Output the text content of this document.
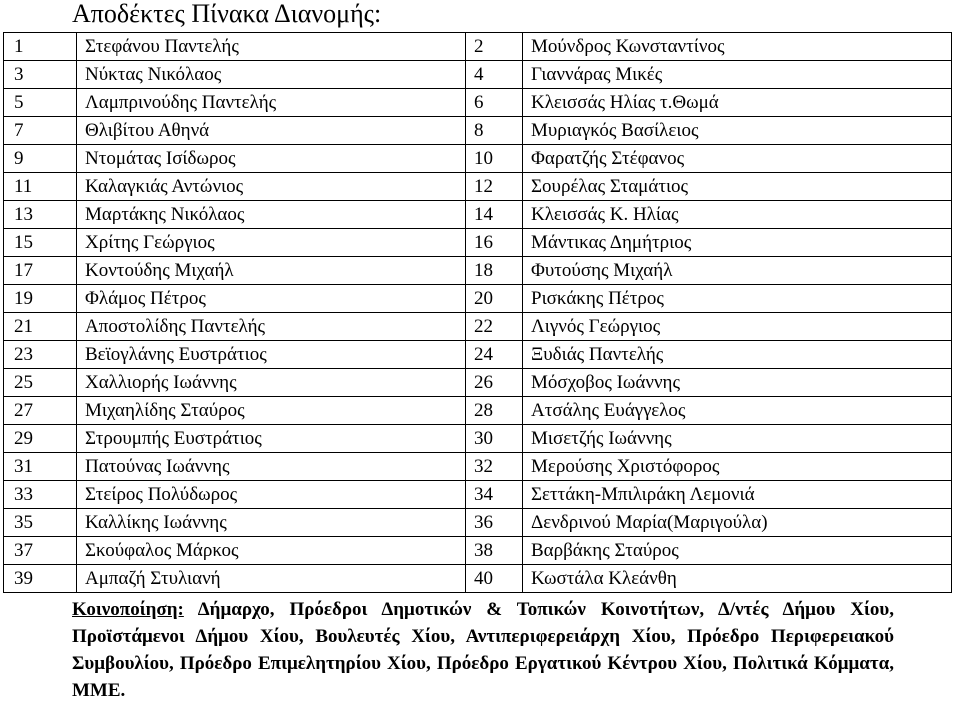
Αποδέκτες Πίνακα Διανομής:
1	Στεφάνου Παντελής	2	Μούνδρος Κωνσταντίνος
3	Νύκτας Νικόλαος	4	Γιαννάρας Μικές
5	Λαμπρινούδης Παντελής	6	Κλεισσάς Ηλίας τ.Θωμά
7	Θλιβίτου Αθηνά	8	Μυριαγκός Βασίλειος
9	Ντομάτας Ισίδωρος	10	Φαρατζής Στέφανος
11	Καλαγκιάς Αντώνιος	12	Σουρέλας Σταμάτιος
13	Μαρτάκης Νικόλαος	14	Κλεισσάς Κ. Ηλίας
15	Χρίτης Γεώργιος	16	Μάντικας Δημήτριος
17	Κοντούδης Μιχαήλ	18	Φυτούσης Μιχαήλ
19	Φλάμος Πέτρος	20	Ρισκάκης Πέτρος
21	Αποστολίδης Παντελής	22	Λιγνός Γεώργιος
23	Βεϊογλάνης Ευστράτιος	24	Ξυδιάς Παντελής
25	Χαλλιορής Ιωάννης	26	Μόσχοβος Ιωάννης
27	Μιχαηλίδης Σταύρος	28	Ατσάλης Ευάγγελος
29	Στρουμπής Ευστράτιος	30	Μισετζής Ιωάννης
31	Πατούνας Ιωάννης	32	Μερούσης Χριστόφορος
33	Στείρος Πολύδωρος	34	Σεττάκη-Μπιλιράκη Λεμονιά
35	Καλλίκης Ιωάννης	36	Δενδρινού Μαρία(Μαριγούλα)
37	Σκούφαλος Μάρκος	38	Βαρβάκης Σταύρος
39	Αμπαζή Στυλιανή	40	Κωστάλα Κλεάνθη
Κοινοποίηση: Δήμαρχο, Πρόεδροι Δημοτικών & Τοπικών Κοινοτήτων, Δ/ντές Δήμου Χίου, Προϊστάμενοι Δήμου Χίου, Βουλευτές Χίου, Αντιπεριφερειάρχη Χίου, Πρόεδρο Περιφερειακού Συμβουλίου, Πρόεδρο Επιμελητηρίου Χίου, Πρόεδρο Εργατικού Κέντρου Χίου, Πολιτικά Κόμματα, ΜΜΕ.
